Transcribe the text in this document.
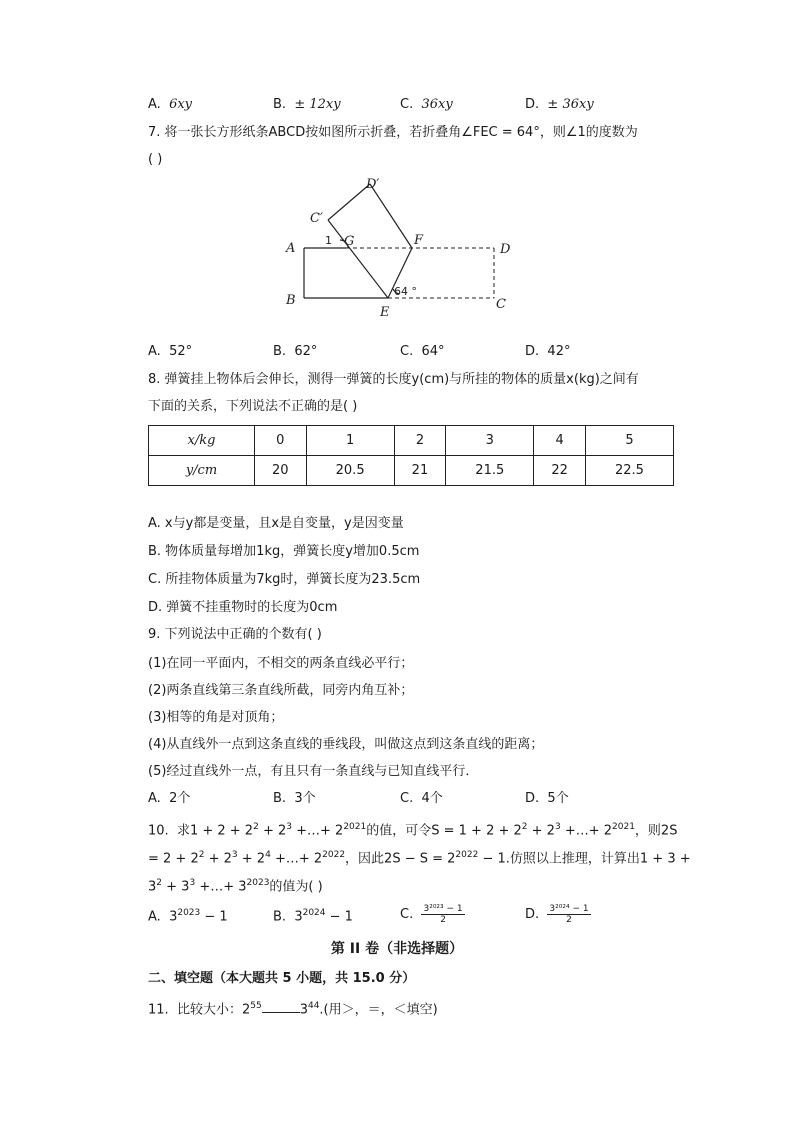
A. 6xy	B. ± 12xy	C. 36xy	D. ± 36xy
7. 将一张长方形纸条ABCD按如图所示折叠，若折叠角∠FEC = 64°，则∠1的度数为
( )
A
B	C
D
E
F
G
C′
D′
1
64 °
A. 52°	B. 62°	C. 64°	D. 42°
8. 弹簧挂上物体后会伸长，测得一弹簧的长度y(cm)与所挂的物体的质量x(kg)之间有
下面的关系，下列说法不正确的是( )
x/kg	0	1	2	3	4	5
y/cm	20	20.5	21	21.5	22	22.5
A. x与y都是变量，且x是自变量，y是因变量
B. 物体质量每增加1kg，弹簧长度y增加0.5cm
C. 所挂物体质量为7kg时，弹簧长度为23.5cm
D. 弹簧不挂重物时的长度为0cm
9. 下列说法中正确的个数有( )
(1)在同一平面内，不相交的两条直线必平行；
(2)两条直线第三条直线所截，同旁内角互补；
(3)相等的角是对顶角；
(4)从直线外一点到这条直线的垂线段，叫做这点到这条直线的距离；
(5)经过直线外一点，有且只有一条直线与已知直线平行．
A. 2个	B. 3个	C. 4个	D. 5个
10. 求$1 + 2 + 2^2 + 2^3$ +…+ $2^{2021}$的值，可令$S = 1 + 2 + 2^2 + 2^3$ +…+ $2^{2021}$，则2S
= $2 + 2^2 + 2^3 + 2^4$ +…+ $2^{2022}$，因此$2S - S = 2^{2022} - 1$.仿照以上推理，计算出1 + 3 +
$3^2 + 3^3$ +…+ $3^{2023}$的值为( )
A. $3^{2023} - 1$	B. $3^{2024} - 1$	C. $\frac{\text{3²⁰²³ − 1}}{2}$	D. $\frac{\text{3²⁰²⁴ − 1}}{2}$
第 II 卷（非选择题）
二、填空题（本大题共 5 小题，共 15.0 分）
11. 比较大小：$2^{55}$	$3^{44}$.(用＞，＝，＜填空)
